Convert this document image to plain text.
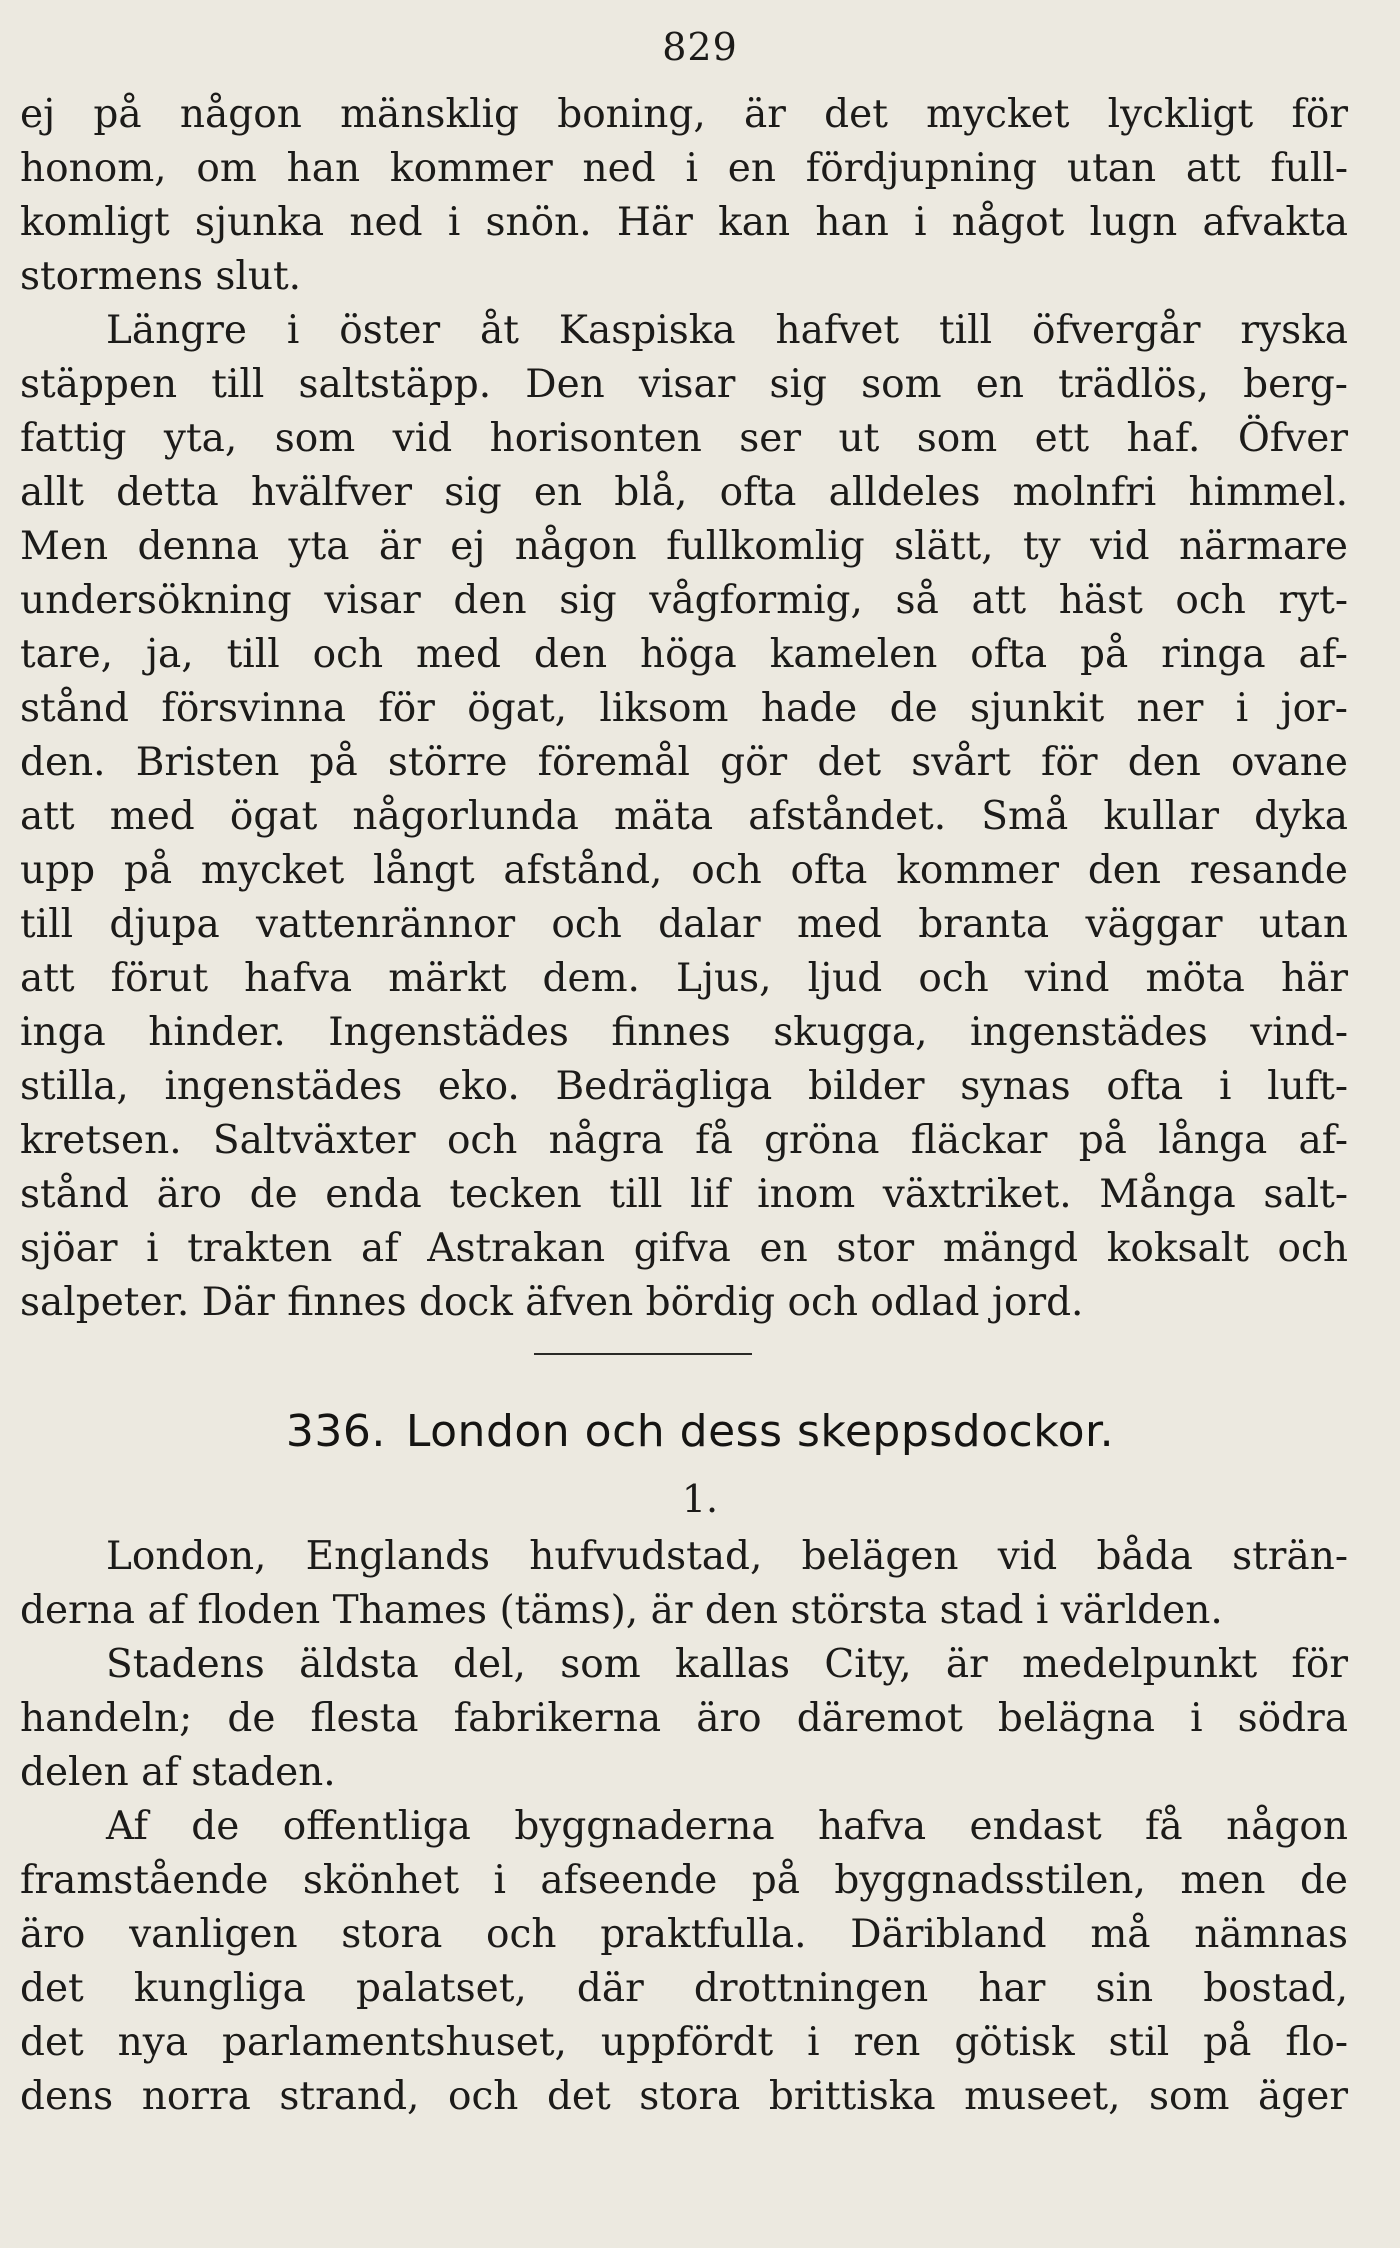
829
ej på någon mänsklig boning, är det mycket lyckligt för
honom, om han kommer ned i en fördjupning utan att full-
komligt sjunka ned i snön. Här kan han i något lugn afvakta
stormens slut.
Längre i öster åt Kaspiska hafvet till öfvergår ryska
stäppen till saltstäpp. Den visar sig som en trädlös, berg-
fattig yta, som vid horisonten ser ut som ett haf. Öfver
allt detta hvälfver sig en blå, ofta alldeles molnfri himmel.
Men denna yta är ej någon fullkomlig slätt, ty vid närmare
undersökning visar den sig vågformig, så att häst och ryt-
tare, ja, till och med den höga kamelen ofta på ringa af-
stånd försvinna för ögat, liksom hade de sjunkit ner i jor-
den. Bristen på större föremål gör det svårt för den ovane
att med ögat någorlunda mäta afståndet. Små kullar dyka
upp på mycket långt afstånd, och ofta kommer den resande
till djupa vattenrännor och dalar med branta väggar utan
att förut hafva märkt dem. Ljus, ljud och vind möta här
inga hinder. Ingenstädes finnes skugga, ingenstädes vind-
stilla, ingenstädes eko. Bedrägliga bilder synas ofta i luft-
kretsen. Saltväxter och några få gröna fläckar på långa af-
stånd äro de enda tecken till lif inom växtriket. Många salt-
sjöar i trakten af Astrakan gifva en stor mängd koksalt och
salpeter. Där finnes dock äfven bördig och odlad jord.
336. London och dess skeppsdockor.
1.
London, Englands hufvudstad, belägen vid båda strän-
derna af floden Thames (täms), är den största stad i världen.
Stadens äldsta del, som kallas City, är medelpunkt för
handeln; de flesta fabrikerna äro däremot belägna i södra
delen af staden.
Af de offentliga byggnaderna hafva endast få någon
framstående skönhet i afseende på byggnadsstilen, men de
äro vanligen stora och praktfulla. Däribland må nämnas
det kungliga palatset, där drottningen har sin bostad,
det nya parlamentshuset, uppfördt i ren götisk stil på flo-
dens norra strand, och det stora brittiska museet, som äger
